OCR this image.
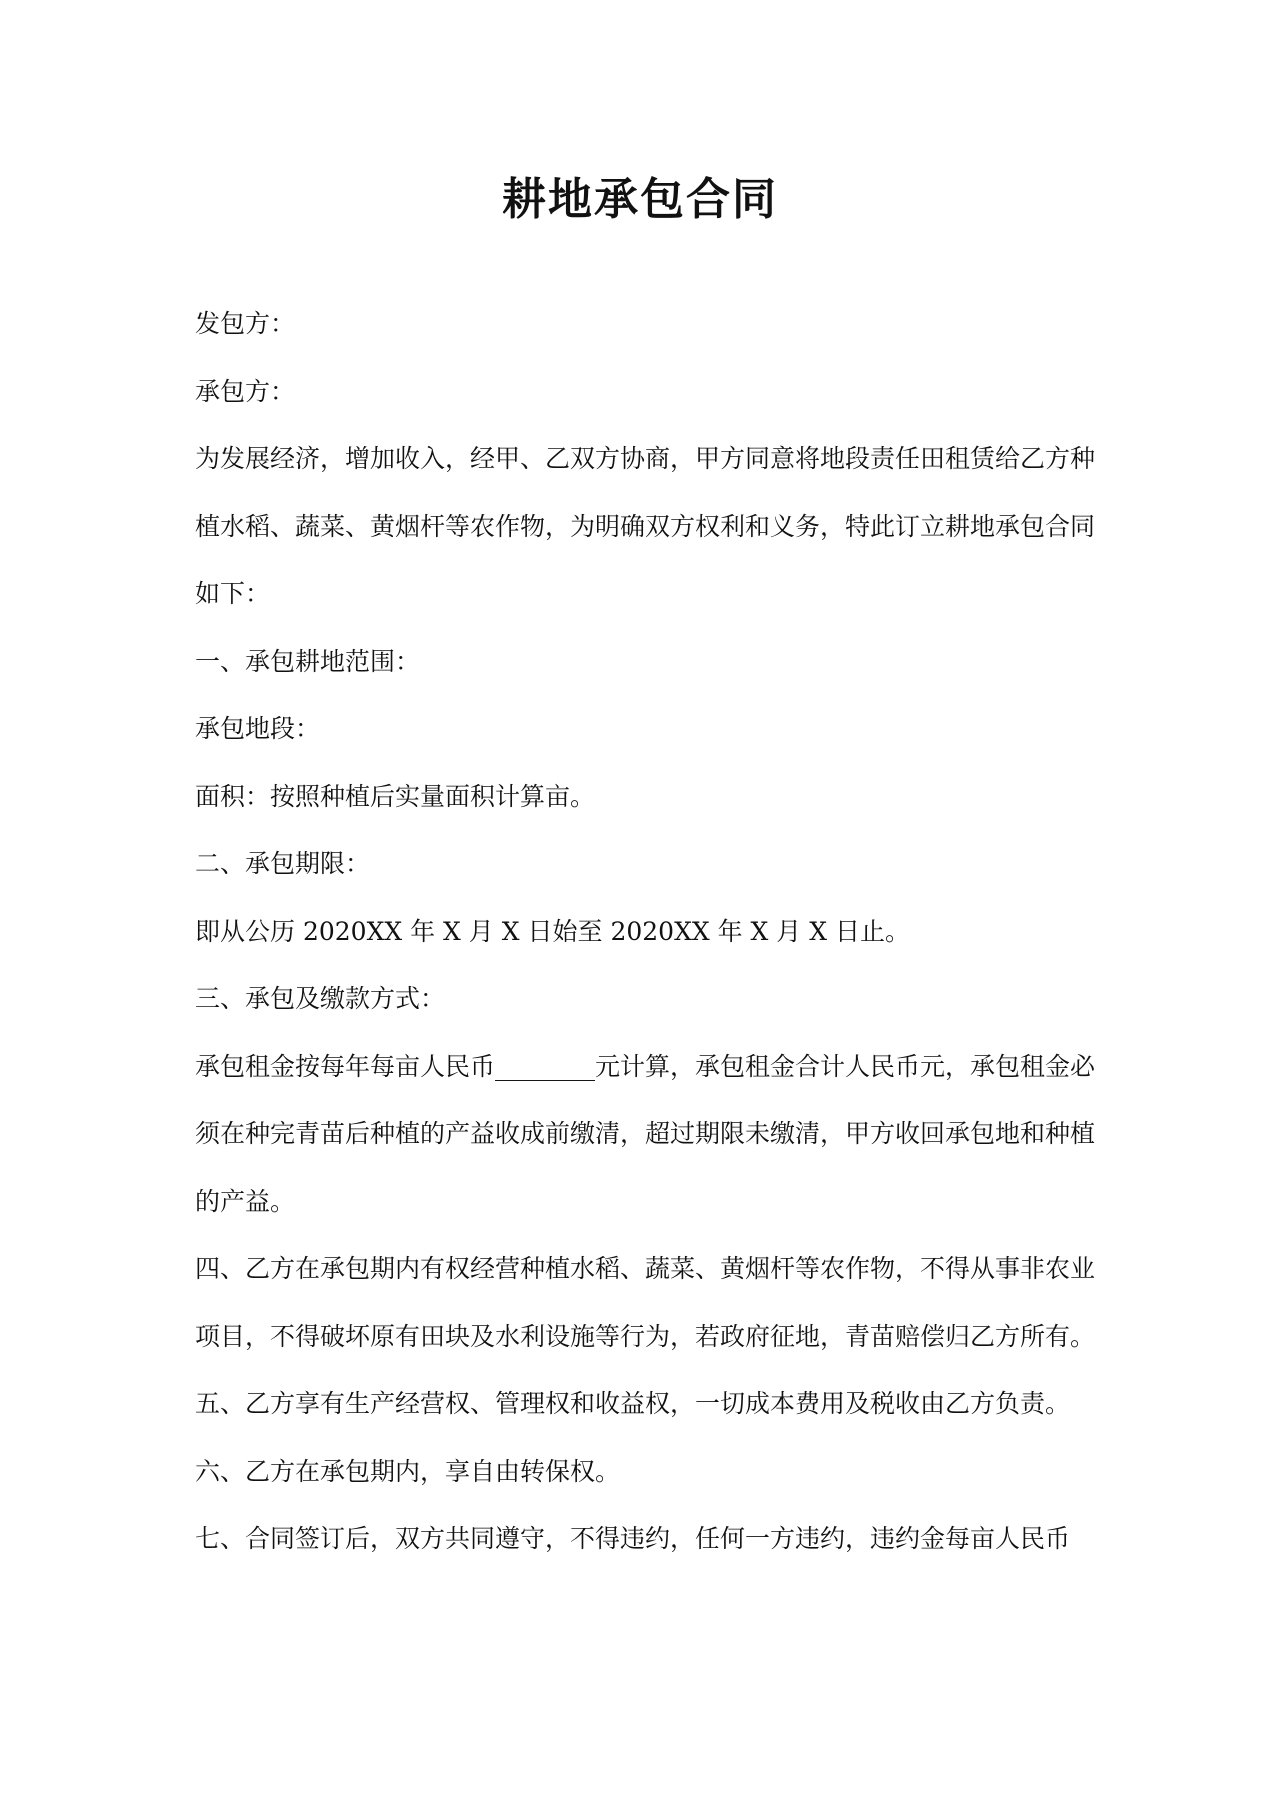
耕地承包合同

发包方：

承包方：

为发展经济，增加收入，经甲、乙双方协商，甲方同意将地段责任田租赁给乙方种植水稻、蔬菜、黄烟杆等农作物，为明确双方权利和义务，特此订立耕地承包合同如下：

一、承包耕地范围：

承包地段：

面积：按照种植后实量面积计算亩。

二、承包期限：

即从公历 2020XX 年 X 月 X 日始至 2020XX 年 X 月 X 日止。

三、承包及缴款方式：

承包租金按每年每亩人民币________元计算，承包租金合计人民币元，承包租金必须在种完青苗后种植的产益收成前缴清，超过期限未缴清，甲方收回承包地和种植的产益。

四、乙方在承包期内有权经营种植水稻、蔬菜、黄烟杆等农作物，不得从事非农业项目，不得破坏原有田块及水利设施等行为，若政府征地，青苗赔偿归乙方所有。

五、乙方享有生产经营权、管理权和收益权，一切成本费用及税收由乙方负责。

六、乙方在承包期内，享自由转保权。

七、合同签订后，双方共同遵守，不得违约，任何一方违约，违约金每亩人民币
